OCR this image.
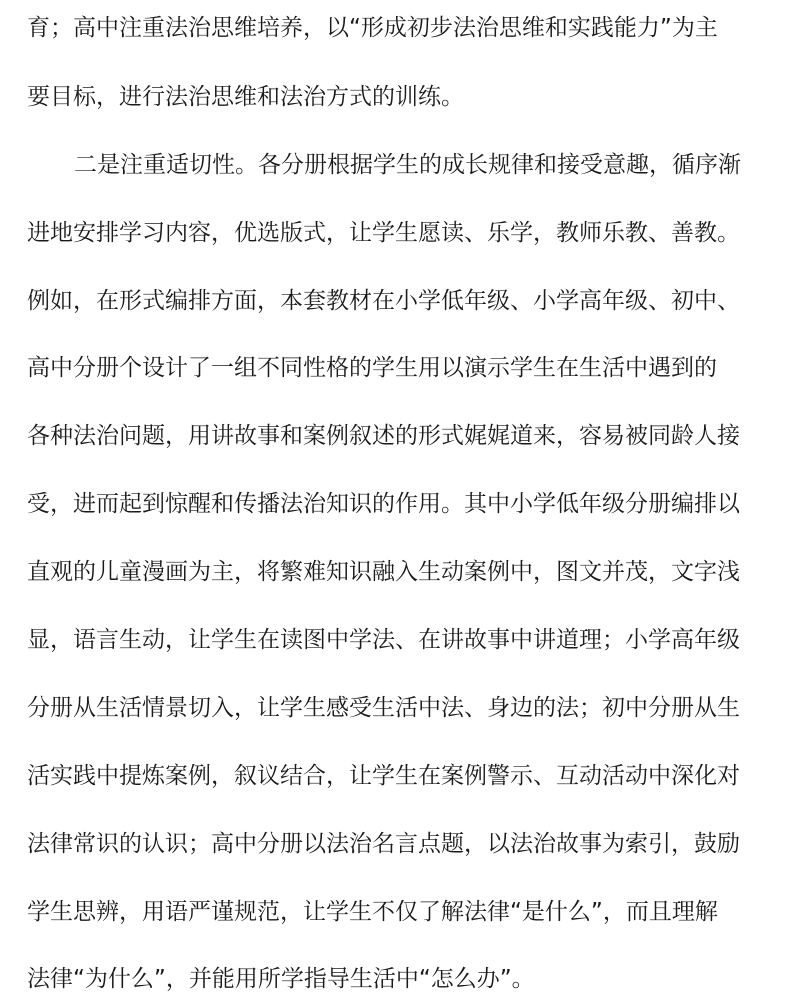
育；高中注重法治思维培养，以“形成初步法治思维和实践能力”为主
要目标，进行法治思维和法治方式的训练。
二是注重适切性。各分册根据学生的成长规律和接受意趣，循序渐
进地安排学习内容，优选版式，让学生愿读、乐学，教师乐教、善教。
例如，在形式编排方面，本套教材在小学低年级、小学高年级、初中、
高中分册个设计了一组不同性格的学生用以演示学生在生活中遇到的
各种法治问题，用讲故事和案例叙述的形式娓娓道来，容易被同龄人接
受，进而起到惊醒和传播法治知识的作用。其中小学低年级分册编排以
直观的儿童漫画为主，将繁难知识融入生动案例中，图文并茂，文字浅
显，语言生动，让学生在读图中学法、在讲故事中讲道理；小学高年级
分册从生活情景切入，让学生感受生活中法、身边的法；初中分册从生
活实践中提炼案例，叙议结合，让学生在案例警示、互动活动中深化对
法律常识的认识；高中分册以法治名言点题，以法治故事为索引，鼓励
学生思辨，用语严谨规范，让学生不仅了解法律“是什么”，而且理解
法律“为什么”，并能用所学指导生活中“怎么办”。
